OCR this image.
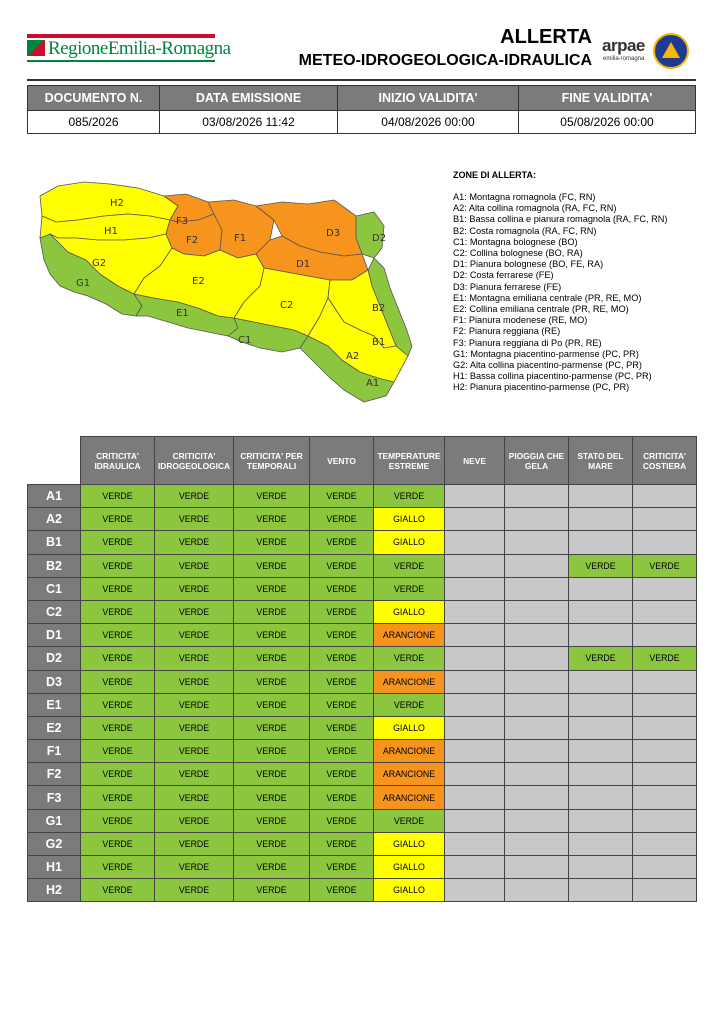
RegioneEmilia-Romagna
ALLERTA
METEO-IDROGEOLOGICA-IDRAULICA
arpae
emilia-romagna
DOCUMENTO N.	DATA EMISSIONE	INIZIO VALIDITA'	FINE VALIDITA'
085/2026	03/08/2026 11:42	04/08/2026 00:00	05/08/2026 00:00
H2
H1
G2
G1
F3
F2	F1
E2
E1
D3	D2
D1
C2
C1
B2
B1
A2
A1
ZONE DI ALLERTA:
A1: Montagna romagnola (FC, RN)
A2: Alta collina romagnola (RA, FC, RN)
B1: Bassa collina e pianura romagnola (RA, FC, RN)
B2: Costa romagnola (RA, FC, RN)
C1: Montagna bolognese (BO)
C2: Collina bolognese (BO, RA)
D1: Pianura bolognese (BO, FE, RA)
D2: Costa ferrarese (FE)
D3: Pianura ferrarese (FE)
E1: Montagna emiliana centrale (PR, RE, MO)
E2: Collina emiliana centrale (PR, RE, MO)
F1: Pianura modenese (RE, MO)
F2: Pianura reggiana (RE)
F3: Pianura reggiana di Po (PR, RE)
G1: Montagna piacentino-parmense (PC, PR)
G2: Alta collina piacentino-parmense (PC, PR)
H1: Bassa collina piacentino-parmense (PC, PR)
H2: Pianura piacentino-parmense (PC, PR)
	CRITICITA' IDRAULICA	CRITICITA' IDROGEOLOGICA	CRITICITA' PER TEMPORALI	VENTO	TEMPERATURE ESTREME	NEVE	PIOGGIA CHE GELA	STATO DEL MARE	CRITICITA' COSTIERA
A1	VERDE	VERDE	VERDE	VERDE	VERDE				
A2	VERDE	VERDE	VERDE	VERDE	GIALLO				
B1	VERDE	VERDE	VERDE	VERDE	GIALLO				
B2	VERDE	VERDE	VERDE	VERDE	VERDE			VERDE	VERDE
C1	VERDE	VERDE	VERDE	VERDE	VERDE				
C2	VERDE	VERDE	VERDE	VERDE	GIALLO				
D1	VERDE	VERDE	VERDE	VERDE	ARANCIONE				
D2	VERDE	VERDE	VERDE	VERDE	VERDE			VERDE	VERDE
D3	VERDE	VERDE	VERDE	VERDE	ARANCIONE				
E1	VERDE	VERDE	VERDE	VERDE	VERDE				
E2	VERDE	VERDE	VERDE	VERDE	GIALLO				
F1	VERDE	VERDE	VERDE	VERDE	ARANCIONE				
F2	VERDE	VERDE	VERDE	VERDE	ARANCIONE				
F3	VERDE	VERDE	VERDE	VERDE	ARANCIONE				
G1	VERDE	VERDE	VERDE	VERDE	VERDE				
G2	VERDE	VERDE	VERDE	VERDE	GIALLO				
H1	VERDE	VERDE	VERDE	VERDE	GIALLO				
H2	VERDE	VERDE	VERDE	VERDE	GIALLO				
